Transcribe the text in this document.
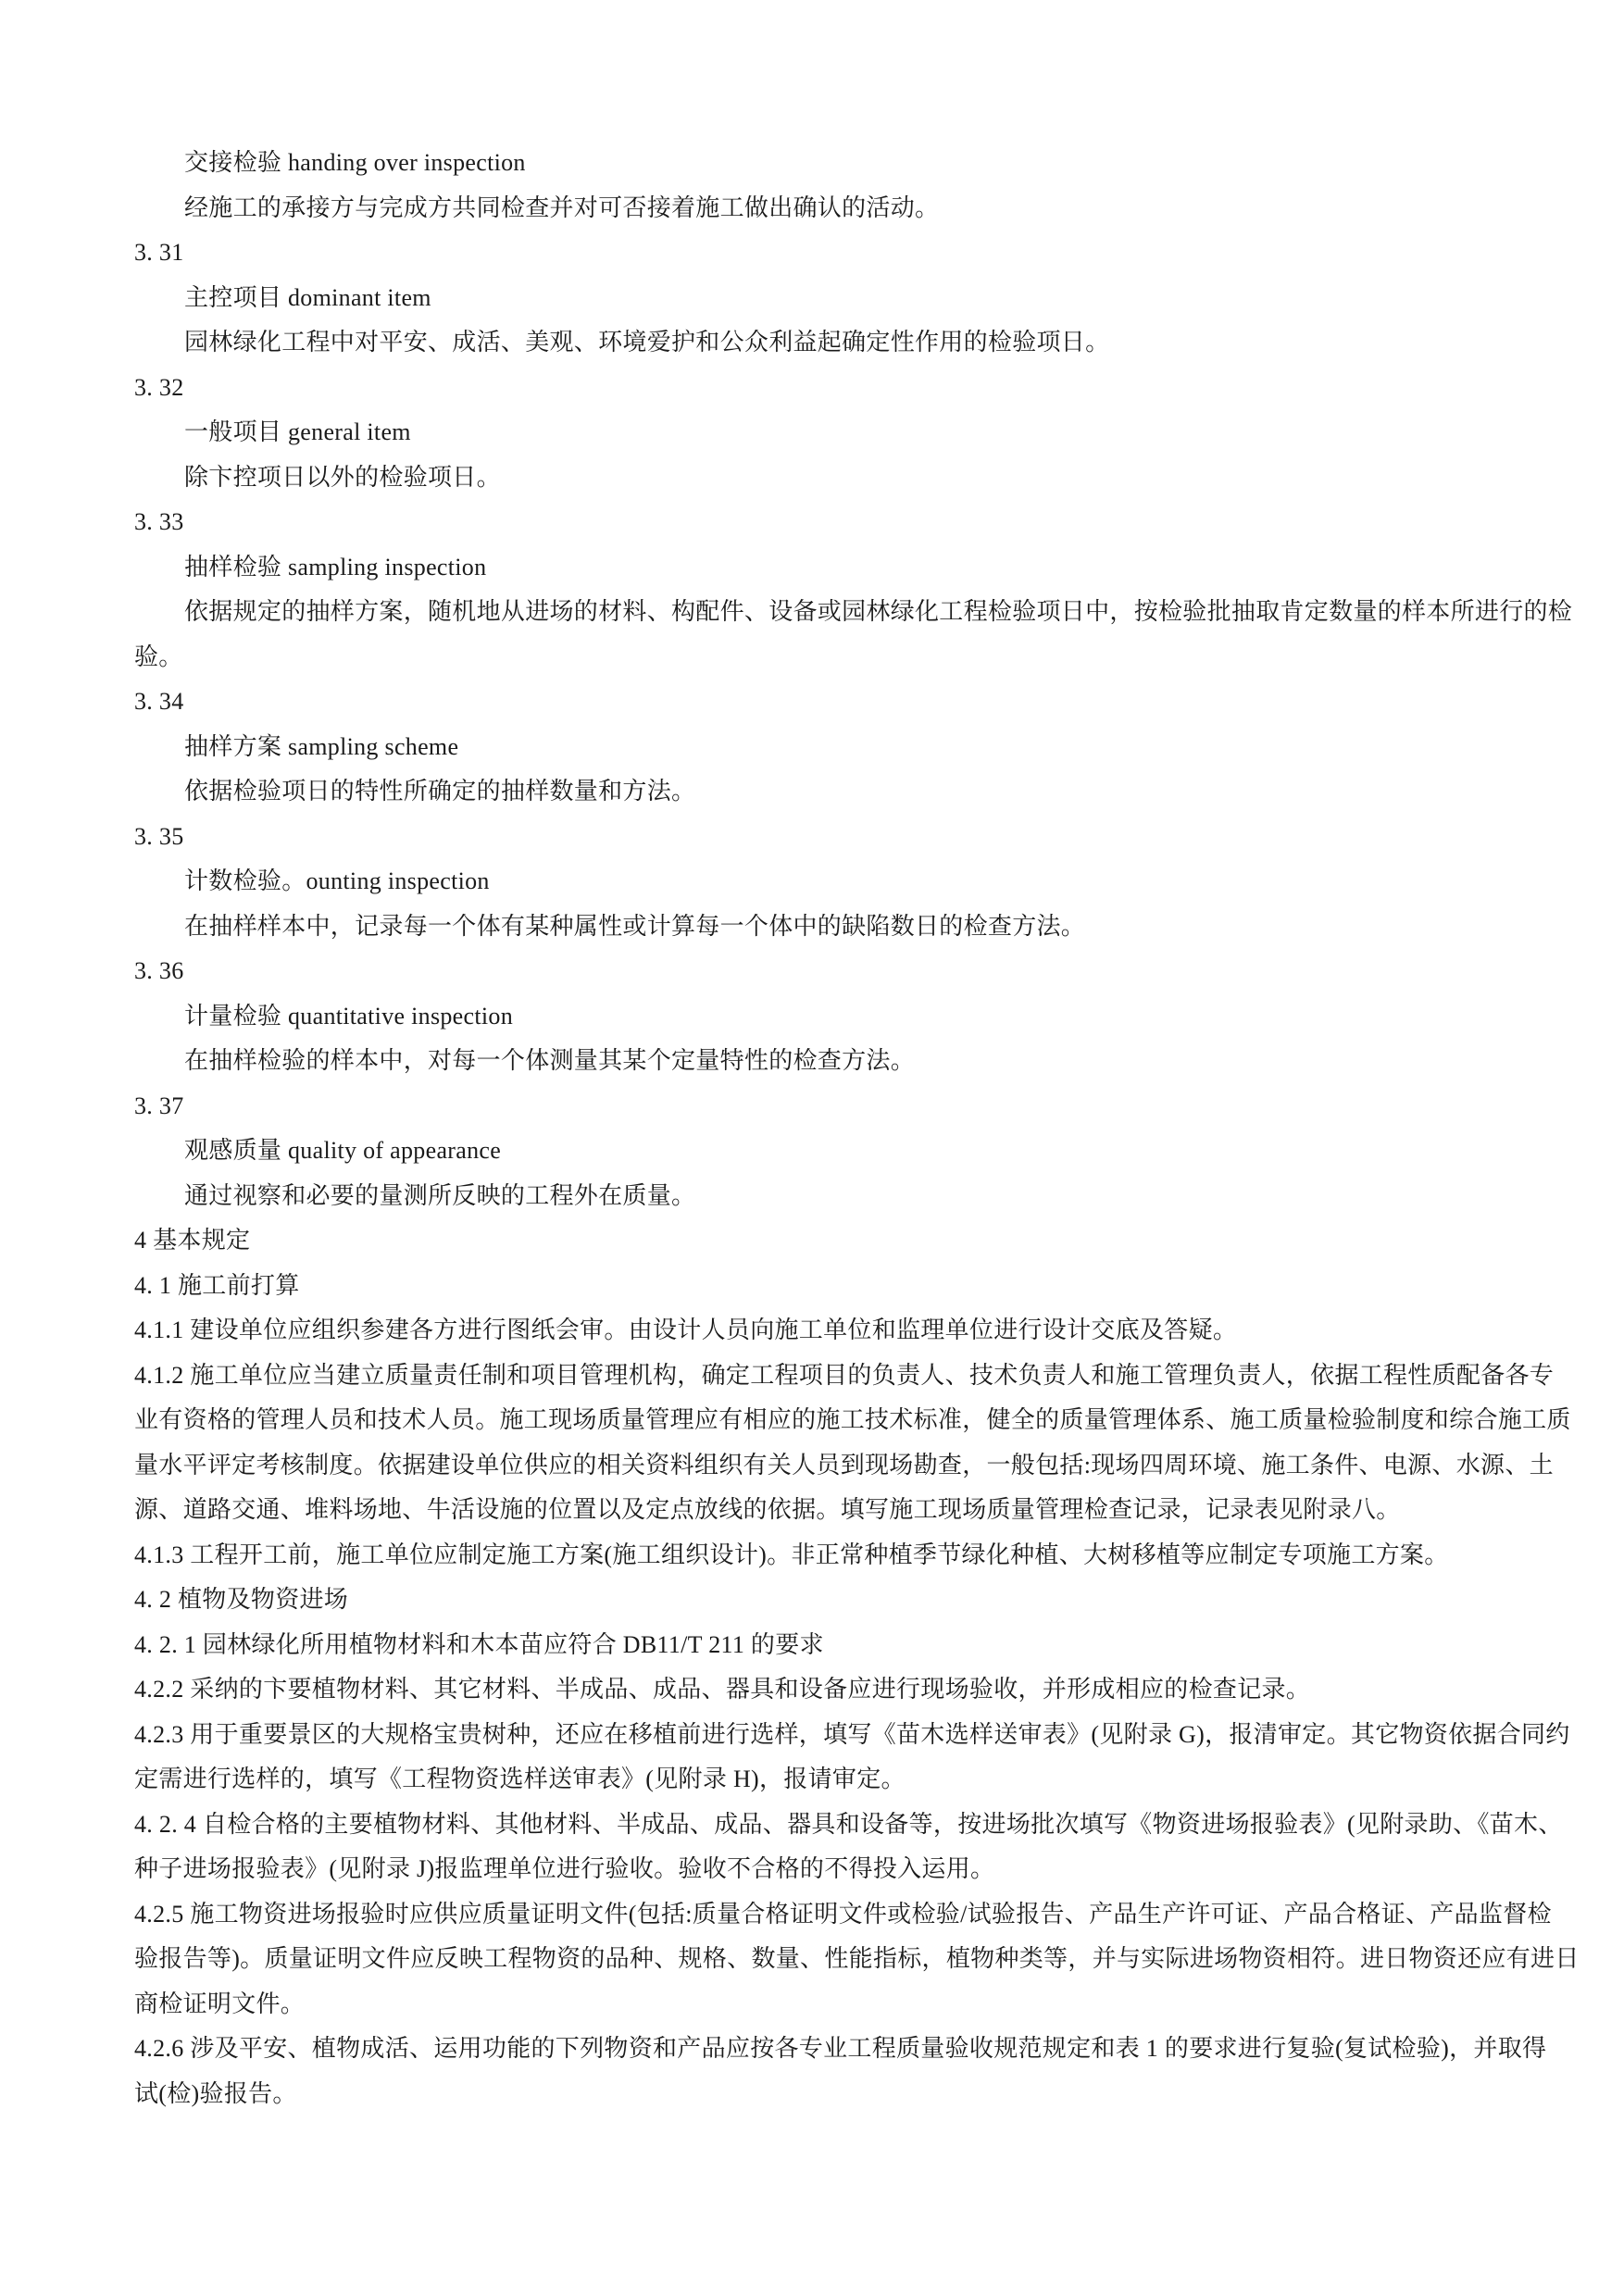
交接检验 handing over inspection
经施工的承接方与完成方共同检查并对可否接着施工做出确认的活动。
3. 31
主控项目 dominant item
园林绿化工程中对平安、成活、美观、环境爱护和公众利益起确定性作用的检验项日。
3. 32
一般项目 general item
除卞控项日以外的检验项日。
3. 33
抽样检验 sampling inspection
依据规定的抽样方案，随机地从进场的材料、构配件、设备或园林绿化工程检验项日中，按检验批抽取肯定数量的样本所进行的检
验。
3. 34
抽样方案 sampling scheme
依据检验项日的特性所确定的抽样数量和方法。
3. 35
计数检验。ounting inspection
在抽样样本中，记录每一个体有某种属性或计算每一个体中的缺陷数日的检查方法。
3. 36
计量检验 quantitative inspection
在抽样检验的样本中，对每一个体测量其某个定量特性的检查方法。
3. 37
观感质量 quality of appearance
通过视察和必要的量测所反映的工程外在质量。
4 基本规定
4. 1 施工前打算
4.1.1 建设单位应组织参建各方进行图纸会审。由设计人员向施工单位和监理单位进行设计交底及答疑。
4.1.2 施工单位应当建立质量责任制和项目管理机构，确定工程项目的负责人、技术负责人和施工管理负责人，依据工程性质配备各专
业有资格的管理人员和技术人员。施工现场质量管理应有相应的施工技术标准，健全的质量管理体系、施工质量检验制度和综合施工质
量水平评定考核制度。依据建设单位供应的相关资料组织有关人员到现场勘查，一般包括:现场四周环境、施工条件、电源、水源、土
源、道路交通、堆料场地、牛活设施的位置以及定点放线的依据。填写施工现场质量管理检查记录，记录表见附录八。
4.1.3 工程开工前，施工单位应制定施工方案(施工组织设计)。非正常种植季节绿化种植、大树移植等应制定专项施工方案。
4. 2 植物及物资进场
4. 2. 1 园林绿化所用植物材料和木本苗应符合 DB11/T 211 的要求
4.2.2 采纳的卞要植物材料、其它材料、半成品、成品、器具和设备应进行现场验收，并形成相应的检查记录。
4.2.3 用于重要景区的大规格宝贵树种，还应在移植前进行选样，填写《苗木选样送审表》(见附录 G)，报清审定。其它物资依据合同约
定需进行选样的，填写《工程物资选样送审表》(见附录 H)，报请审定。
4. 2. 4 自检合格的主要植物材料、其他材料、半成品、成品、器具和设备等，按进场批次填写《物资进场报验表》(见附录助、《苗木、
种子进场报验表》(见附录 J)报监理单位进行验收。验收不合格的不得投入运用。
4.2.5 施工物资进场报验时应供应质量证明文件(包括:质量合格证明文件或检验/试验报告、产品生产许可证、产品合格证、产品监督检
验报告等)。质量证明文件应反映工程物资的品种、规格、数量、性能指标，植物种类等，并与实际进场物资相符。进日物资还应有进日
商检证明文件。
4.2.6 涉及平安、植物成活、运用功能的下列物资和产品应按各专业工程质量验收规范规定和表 1 的要求进行复验(复试检验)，并取得
试(检)验报告。
